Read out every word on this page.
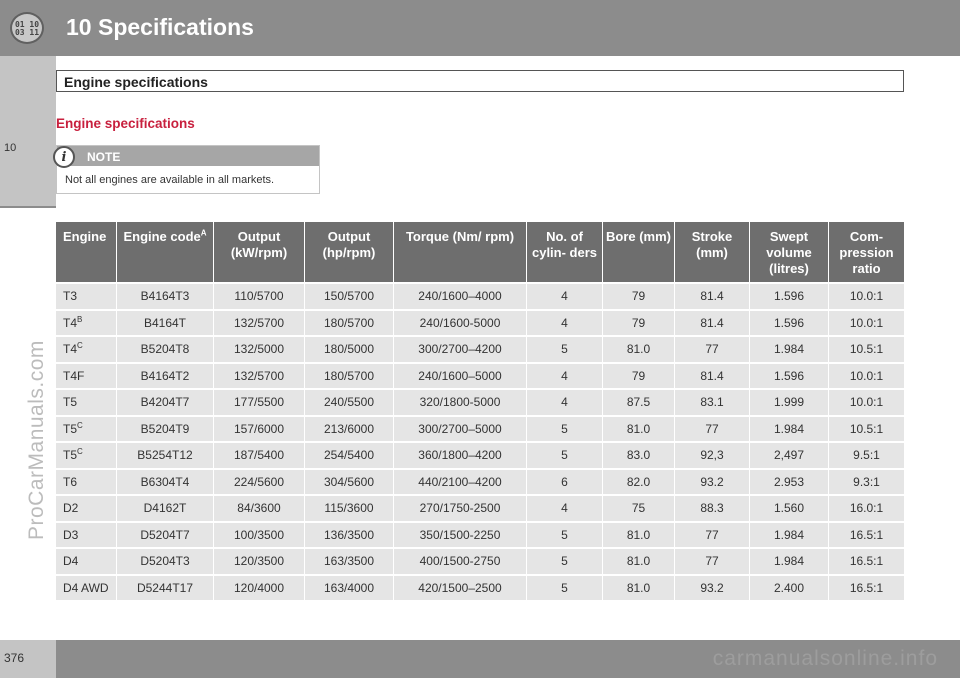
01 10
03 11
10
ProCarManuals.com
376
10 Specifications
Engine specifications
Engine specifications
NOTE
i
Not all engines are available in all markets.
Engine	Engine code$^A$	Output (kW/rpm)	Output (hp/rpm)	Torque (Nm/ rpm)	No. of cylin- ders	Bore (mm)	Stroke (mm)	Swept volume (litres)	Com- pression ratio
T3	B4164T3	110/5700	150/5700	240/1600–4000	4	79	81.4	1.596	10.0:1
$T4^B$	B4164T	132/5700	180/5700	240/1600-5000	4	79	81.4	1.596	10.0:1
$T4^C$	B5204T8	132/5000	180/5000	300/2700–4200	5	81.0	77	1.984	10.5:1
T4F	B4164T2	132/5700	180/5700	240/1600–5000	4	79	81.4	1.596	10.0:1
T5	B4204T7	177/5500	240/5500	320/1800-5000	4	87.5	83.1	1.999	10.0:1
$T5^C$	B5204T9	157/6000	213/6000	300/2700–5000	5	81.0	77	1.984	10.5:1
$T5^C$	B5254T12	187/5400	254/5400	360/1800–4200	5	83.0	92,3	2,497	9.5:1
T6	B6304T4	224/5600	304/5600	440/2100–4200	6	82.0	93.2	2.953	9.3:1
D2	D4162T	84/3600	115/3600	270/1750-2500	4	75	88.3	1.560	16.0:1
D3	D5204T7	100/3500	136/3500	350/1500-2250	5	81.0	77	1.984	16.5:1
D4	D5204T3	120/3500	163/3500	400/1500-2750	5	81.0	77	1.984	16.5:1
D4 AWD	D5244T17	120/4000	163/4000	420/1500–2500	5	81.0	93.2	2.400	16.5:1
carmanualsonline.info
